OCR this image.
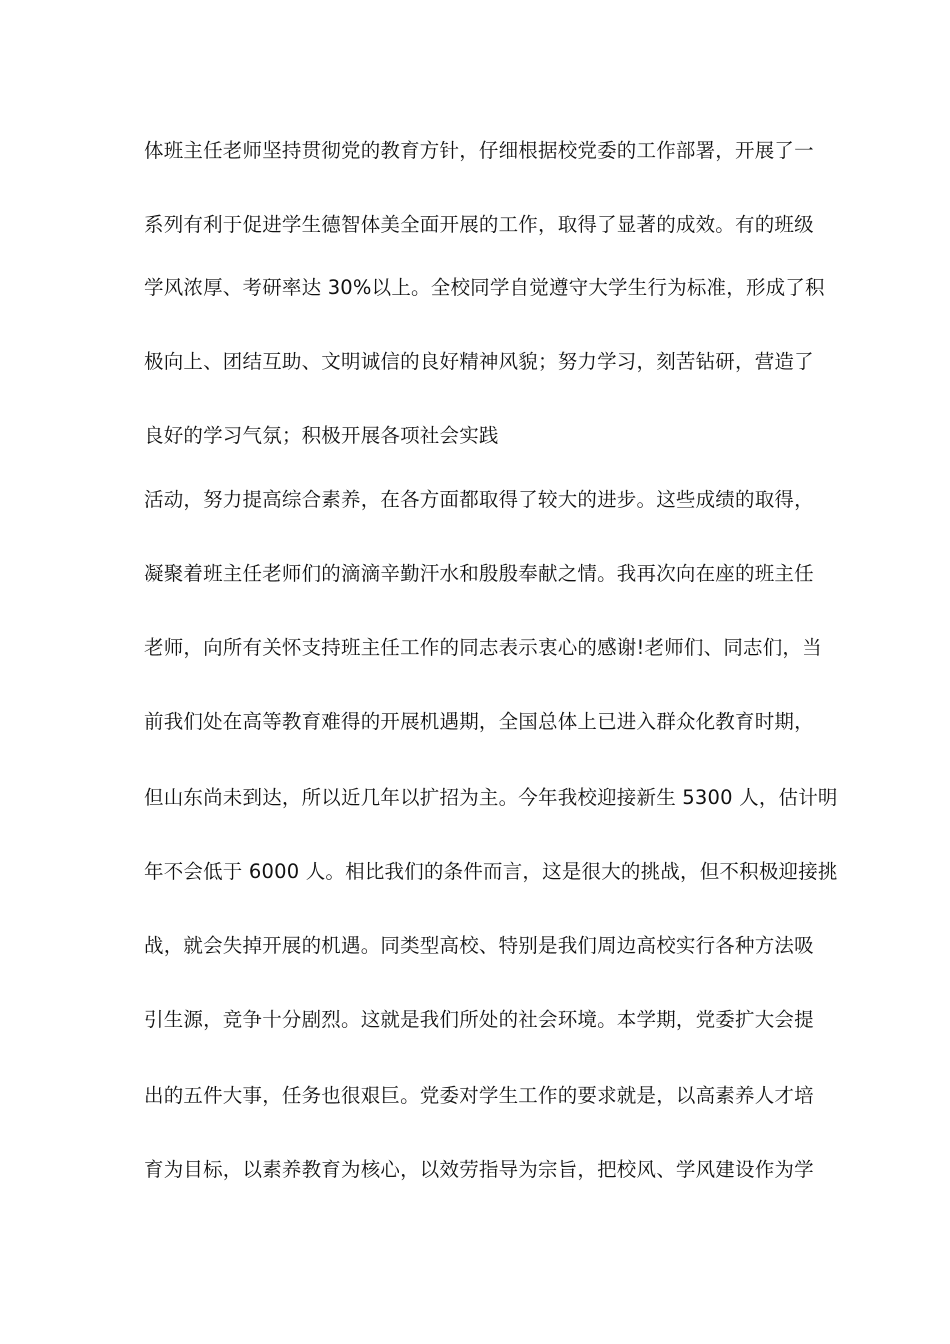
体班主任老师坚持贯彻党的教育方针，仔细根据校党委的工作部署，开展了一
系列有利于促进学生德智体美全面开展的工作，取得了显著的成效。有的班级
学风浓厚、考研率达 30%以上。全校同学自觉遵守大学生行为标准，形成了积
极向上、团结互助、文明诚信的良好精神风貌；努力学习，刻苦钻研，营造了
良好的学习气氛；积极开展各项社会实践
活动，努力提高综合素养，在各方面都取得了较大的进步。这些成绩的取得，
凝聚着班主任老师们的滴滴辛勤汗水和殷殷奉献之情。我再次向在座的班主任
老师，向所有关怀支持班主任工作的同志表示衷心的感谢!老师们、同志们，当
前我们处在高等教育难得的开展机遇期，全国总体上已进入群众化教育时期，
但山东尚未到达，所以近几年以扩招为主。今年我校迎接新生 5300 人，估计明
年不会低于 6000 人。相比我们的条件而言，这是很大的挑战，但不积极迎接挑
战，就会失掉开展的机遇。同类型高校、特别是我们周边高校实行各种方法吸
引生源，竞争十分剧烈。这就是我们所处的社会环境。本学期，党委扩大会提
出的五件大事，任务也很艰巨。党委对学生工作的要求就是，以高素养人才培
育为目标，以素养教育为核心，以效劳指导为宗旨，把校风、学风建设作为学
